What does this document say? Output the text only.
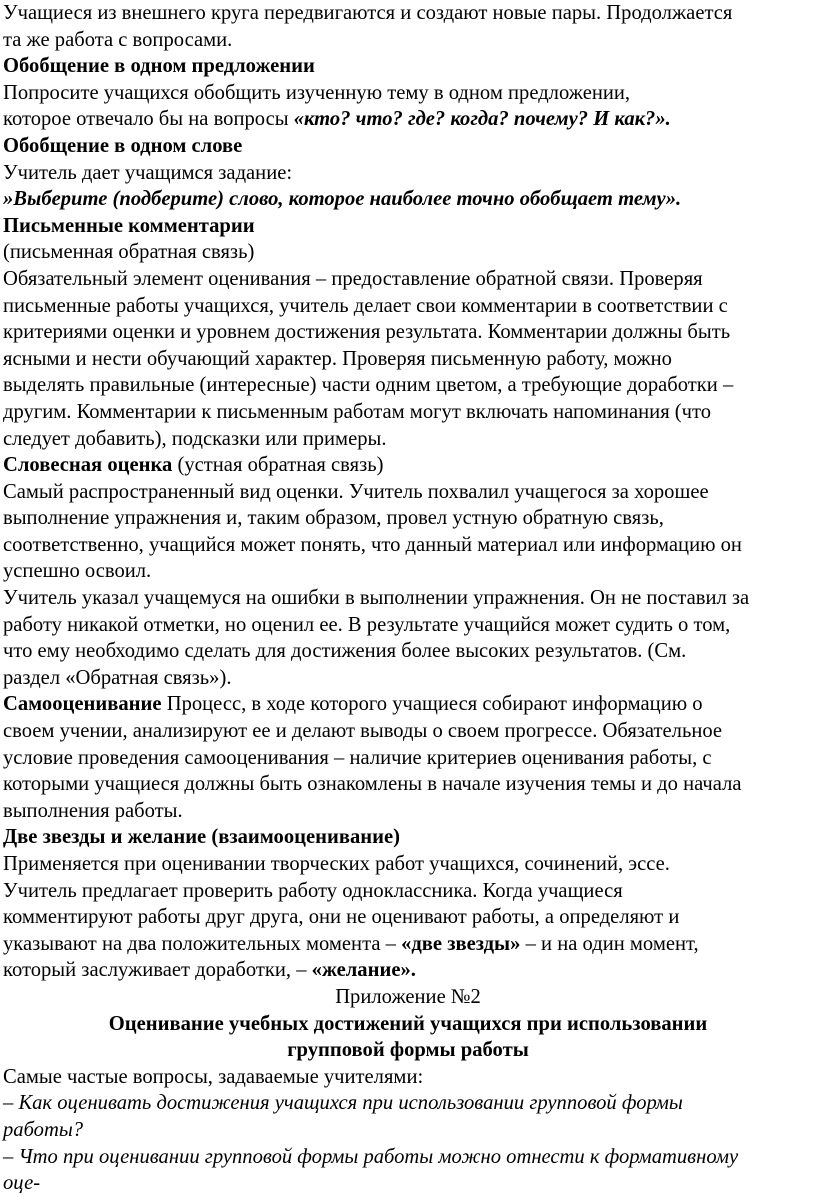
Учащиеся из внешнего круга передвигаются и создают новые пары. Продолжается
та же работа с вопросами.
Обобщение в одном предложении
Попросите учащихся обобщить изученную тему в одном предложении,
которое отвечало бы на вопросы «кто? что? где? когда? почему? И как?».
Обобщение в одном слове
Учитель дает учащимся задание:
»Выберите (подберите) слово, которое наиболее точно обобщает тему».
Письменные комментарии
(письменная обратная связь)
Обязательный элемент оценивания – предоставление обратной связи. Проверяя
письменные работы учащихся, учитель делает свои комментарии в соответствии с
критериями оценки и уровнем достижения результата. Комментарии должны быть
ясными и нести обучающий характер. Проверяя письменную работу, можно
выделять правильные (интересные) части одним цветом, а требующие доработки –
другим. Комментарии к письменным работам могут включать напоминания (что
следует добавить), подсказки или примеры.
Словесная оценка (устная обратная связь)
Самый распространенный вид оценки. Учитель похвалил учащегося за хорошее
выполнение упражнения и, таким образом, провел устную обратную связь,
соответственно, учащийся может понять, что данный материал или информацию он
успешно освоил.
Учитель указал учащемуся на ошибки в выполнении упражнения. Он не поставил за
работу никакой отметки, но оценил ее. В результате учащийся может судить о том,
что ему необходимо сделать для достижения более высоких результатов. (См.
раздел «Обратная связь»).
Самооценивание Процесс, в ходе которого учащиеся собирают информацию о
своем учении, анализируют ее и делают выводы о своем прогрессе. Обязательное
условие проведения самооценивания – наличие критериев оценивания работы, с
которыми учащиеся должны быть ознакомлены в начале изучения темы и до начала
выполнения работы.
Две звезды и желание (взаимооценивание)
Применяется при оценивании творческих работ учащихся, сочинений, эссе.
Учитель предлагает проверить работу одноклассника. Когда учащиеся
комментируют работы друг друга, они не оценивают работы, а определяют и
указывают на два положительных момента – «две звезды» – и на один момент,
который заслуживает доработки, – «желание».
Приложение №2
Оценивание учебных достижений учащихся при использовании
групповой формы работы
Самые частые вопросы, задаваемые учителями:
– Как оценивать достижения учащихся при использовании групповой формы
работы?
– Что при оценивании групповой формы работы можно отнести к формативному
оце-
